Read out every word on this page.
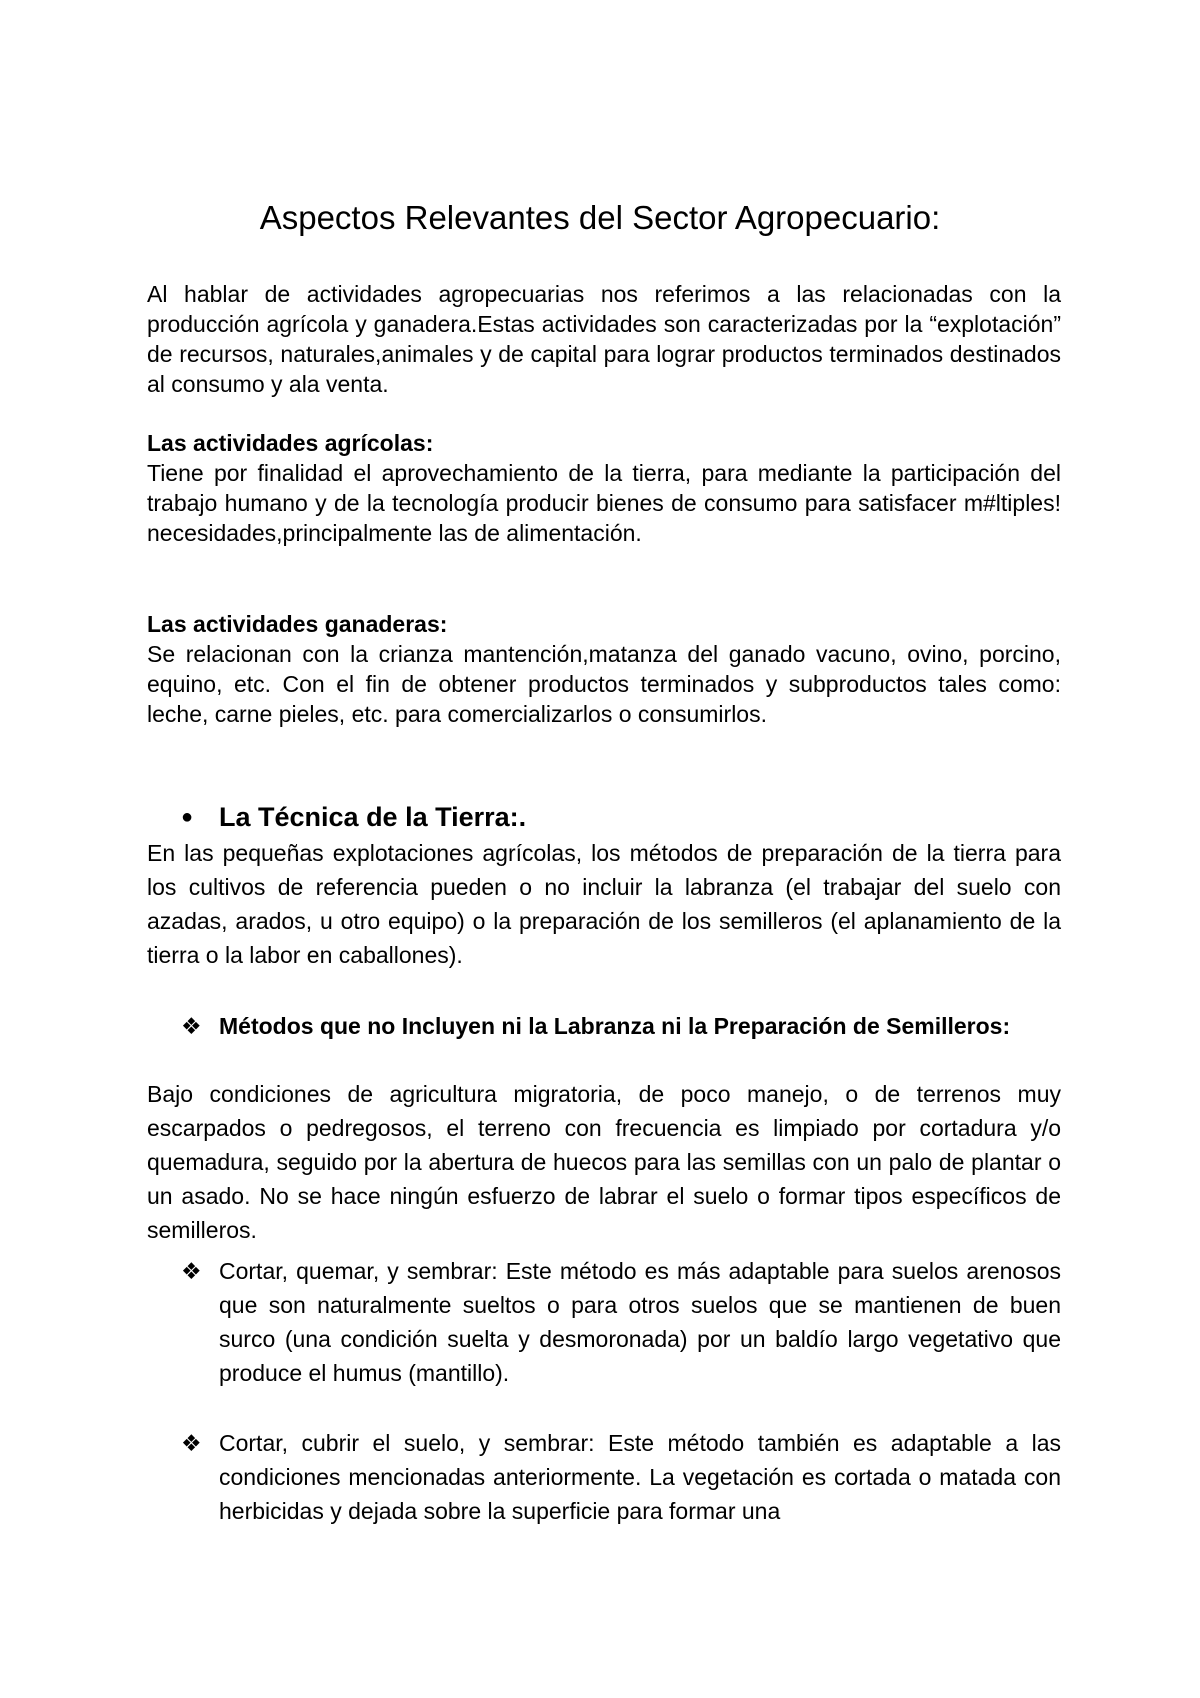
Aspectos Relevantes del Sector Agropecuario:

Al hablar de actividades agropecuarias nos referimos a las relacionadas con la producción agrícola y ganadera.Estas actividades son caracterizadas por la “explotación” de recursos, naturales,animales y de capital para lograr productos terminados destinados al consumo y ala venta.

Las actividades agrícolas:

Tiene por finalidad el aprovechamiento de la tierra, para mediante la participación del trabajo humano y de la tecnología producir bienes de consumo para satisfacer m#ltiples! necesidades,principalmente las de alimentación.

Las actividades ganaderas:

Se relacionan con la crianza mantención,matanza del ganado vacuno, ovino, porcino, equino, etc. Con el fin de obtener productos terminados y subproductos tales como: leche, carne pieles, etc. para comercializarlos o consumirlos.

● La Técnica de la Tierra:.

En las pequeñas explotaciones agrícolas, los métodos de preparación de la tierra para los cultivos de referencia pueden o no incluir la labranza (el trabajar del suelo con azadas, arados, u otro equipo) o la preparación de los semilleros (el aplanamiento de la tierra o la labor en caballones).

❖ Métodos que no Incluyen ni la Labranza ni la Preparación de Semilleros:

Bajo condiciones de agricultura migratoria, de poco manejo, o de terrenos muy escarpados o pedregosos, el terreno con frecuencia es limpiado por cortadura y/o quemadura, seguido por la abertura de huecos para las semillas con un palo de plantar o un asado. No se hace ningún esfuerzo de labrar el suelo o formar tipos específicos de semilleros.

❖ Cortar, quemar, y sembrar: Este método es más adaptable para suelos arenosos que son naturalmente sueltos o para otros suelos que se mantienen de buen surco (una condición suelta y desmoronada) por un baldío largo vegetativo que produce el humus (mantillo).
❖ Cortar, cubrir el suelo, y sembrar: Este método también es adaptable a las condiciones mencionadas anteriormente. La vegetación es cortada o matada con herbicidas y dejada sobre la superficie para formar una
